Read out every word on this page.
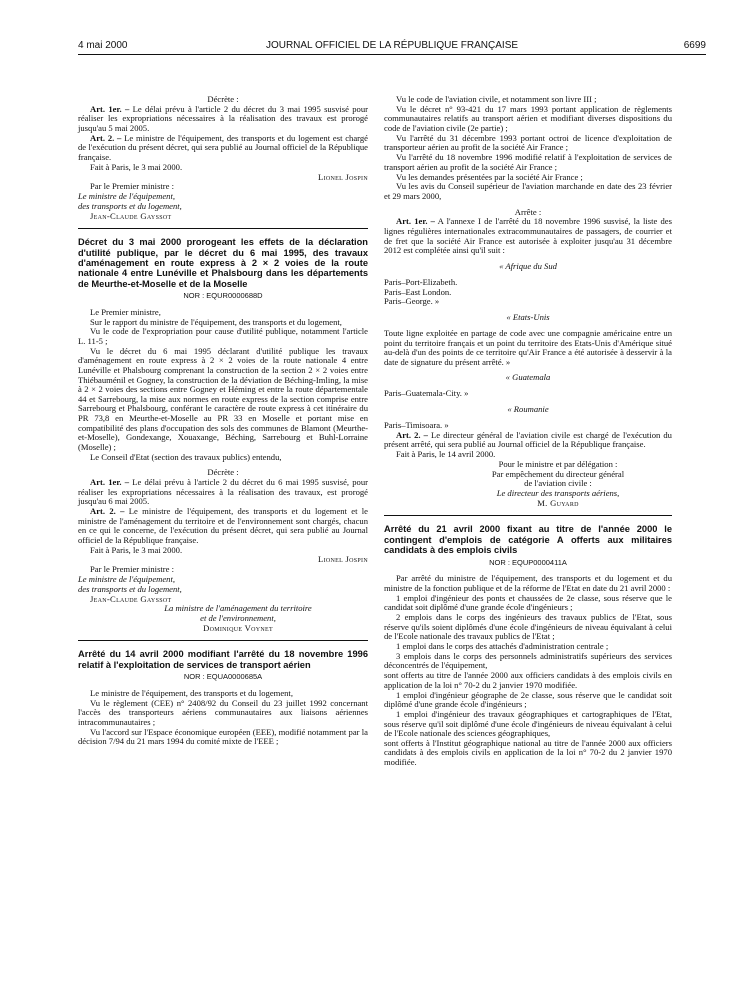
4 mai 2000	JOURNAL OFFICIEL DE LA RÉPUBLIQUE FRANÇAISE	6699

Décrète :

Art. 1er. – Le délai prévu à l'article 2 du décret du 3 mai 1995 susvisé pour réaliser les expropriations nécessaires à la réalisation des travaux est prorogé jusqu'au 5 mai 2005.

Art. 2. – Le ministre de l'équipement, des transports et du logement est chargé de l'exécution du présent décret, qui sera publié au Journal officiel de la République française.

Fait à Paris, le 3 mai 2000.

Lionel Jospin

Par le Premier ministre :

Le ministre de l'équipement,

des transports et du logement,

Jean-Claude Gayssot

Décret du 3 mai 2000 prorogeant les effets de la déclaration d'utilité publique, par le décret du 6 mai 1995, des travaux d'aménagement en route express à 2 × 2 voies de la route nationale 4 entre Lunéville et Phalsbourg dans les départements de Meurthe-et-Moselle et de la Moselle

NOR : EQUR0000688D

Le Premier ministre,

Sur le rapport du ministre de l'équipement, des transports et du logement,

Vu le code de l'expropriation pour cause d'utilité publique, notamment l'article L. 11-5 ;

Vu le décret du 6 mai 1995 déclarant d'utilité publique les travaux d'aménagement en route express à 2 × 2 voies de la route nationale 4 entre Lunéville et Phalsbourg comprenant la construction de la section 2 × 2 voies entre Thiébauménil et Gogney, la construction de la déviation de Béching-Imling, la mise à 2 × 2 voies des sections entre Gogney et Héming et entre la route départementale 44 et Sarrebourg, la mise aux normes en route express de la section comprise entre Sarrebourg et Phalsbourg, conférant le caractère de route express à cet itinéraire du PR 73,8 en Meurthe-et-Moselle au PR 33 en Moselle et portant mise en compatibilité des plans d'occupation des sols des communes de Blamont (Meurthe-et-Moselle), Gondexange, Xouaxange, Béching, Sarrebourg et Buhl-Lorraine (Moselle) ;

Le Conseil d'Etat (section des travaux publics) entendu,

Décrète :

Art. 1er. – Le délai prévu à l'article 2 du décret du 6 mai 1995 susvisé, pour réaliser les expropriations nécessaires à la réalisation des travaux, est prorogé jusqu'au 6 mai 2005.

Art. 2. – Le ministre de l'équipement, des transports et du logement et le ministre de l'aménagement du territoire et de l'environnement sont chargés, chacun en ce qui le concerne, de l'exécution du présent décret, qui sera publié au Journal officiel de la République française.

Fait à Paris, le 3 mai 2000.

Lionel Jospin

Par le Premier ministre :

Le ministre de l'équipement,

des transports et du logement,

Jean-Claude Gayssot

La ministre de l'aménagement du territoire

et de l'environnement,

Dominique Voynet

Arrêté du 14 avril 2000 modifiant l'arrêté du 18 novembre 1996 relatif à l'exploitation de services de transport aérien

NOR : EQUA0000685A

Le ministre de l'équipement, des transports et du logement,

Vu le règlement (CEE) n° 2408/92 du Conseil du 23 juillet 1992 concernant l'accès des transporteurs aériens communautaires aux liaisons aériennes intracommunautaires ;

Vu l'accord sur l'Espace économique européen (EEE), modifié notamment par la décision 7/94 du 21 mars 1994 du comité mixte de l'EEE ;

Vu le code de l'aviation civile, et notamment son livre III ;

Vu le décret n° 93-421 du 17 mars 1993 portant application de règlements communautaires relatifs au transport aérien et modifiant diverses dispositions du code de l'aviation civile (2e partie) ;

Vu l'arrêté du 31 décembre 1993 portant octroi de licence d'exploitation de transporteur aérien au profit de la société Air France ;

Vu l'arrêté du 18 novembre 1996 modifié relatif à l'exploitation de services de transport aérien au profit de la société Air France ;

Vu les demandes présentées par la société Air France ;

Vu les avis du Conseil supérieur de l'aviation marchande en date des 23 février et 29 mars 2000,

Arrête :

Art. 1er. – A l'annexe I de l'arrêté du 18 novembre 1996 susvisé, la liste des lignes régulières internationales extracommunautaires de passagers, de courrier et de fret que la société Air France est autorisée à exploiter jusqu'au 31 décembre 2012 est complétée ainsi qu'il suit :

« Afrique du Sud

Paris–Port-Elizabeth.

Paris–East London.

Paris–George. »

« Etats-Unis

Toute ligne exploitée en partage de code avec une compagnie américaine entre un point du territoire français et un point du territoire des Etats-Unis d'Amérique situé au-delà d'un des points de ce territoire qu'Air France a été autorisée à desservir à la date de signature du présent arrêté. »

« Guatemala

Paris–Guatemala-City. »

« Roumanie

Paris–Timisoara. »

Art. 2. – Le directeur général de l'aviation civile est chargé de l'exécution du présent arrêté, qui sera publié au Journal officiel de la République française.

Fait à Paris, le 14 avril 2000.

Pour le ministre et par délégation :

Par empêchement du directeur général

de l'aviation civile :

Le directeur des transports aériens,

M. Guyard

Arrêté du 21 avril 2000 fixant au titre de l'année 2000 le contingent d'emplois de catégorie A offerts aux militaires candidats à des emplois civils

NOR : EQUP0000411A

Par arrêté du ministre de l'équipement, des transports et du logement et du ministre de la fonction publique et de la réforme de l'Etat en date du 21 avril 2000 :

1 emploi d'ingénieur des ponts et chaussées de 2e classe, sous réserve que le candidat soit diplômé d'une grande école d'ingénieurs ;

2 emplois dans le corps des ingénieurs des travaux publics de l'Etat, sous réserve qu'ils soient diplômés d'une école d'ingénieurs de niveau équivalant à celui de l'Ecole nationale des travaux publics de l'Etat ;

1 emploi dans le corps des attachés d'administration centrale ;

3 emplois dans le corps des personnels administratifs supérieurs des services déconcentrés de l'équipement,

sont offerts au titre de l'année 2000 aux officiers candidats à des emplois civils en application de la loi n° 70-2 du 2 janvier 1970 modifiée.

1 emploi d'ingénieur géographe de 2e classe, sous réserve que le candidat soit diplômé d'une grande école d'ingénieurs ;

1 emploi d'ingénieur des travaux géographiques et cartographiques de l'Etat, sous réserve qu'il soit diplômé d'une école d'ingénieurs de niveau équivalant à celui de l'Ecole nationale des sciences géographiques,

sont offerts à l'Institut géographique national au titre de l'année 2000 aux officiers candidats à des emplois civils en application de la loi n° 70-2 du 2 janvier 1970 modifiée.
